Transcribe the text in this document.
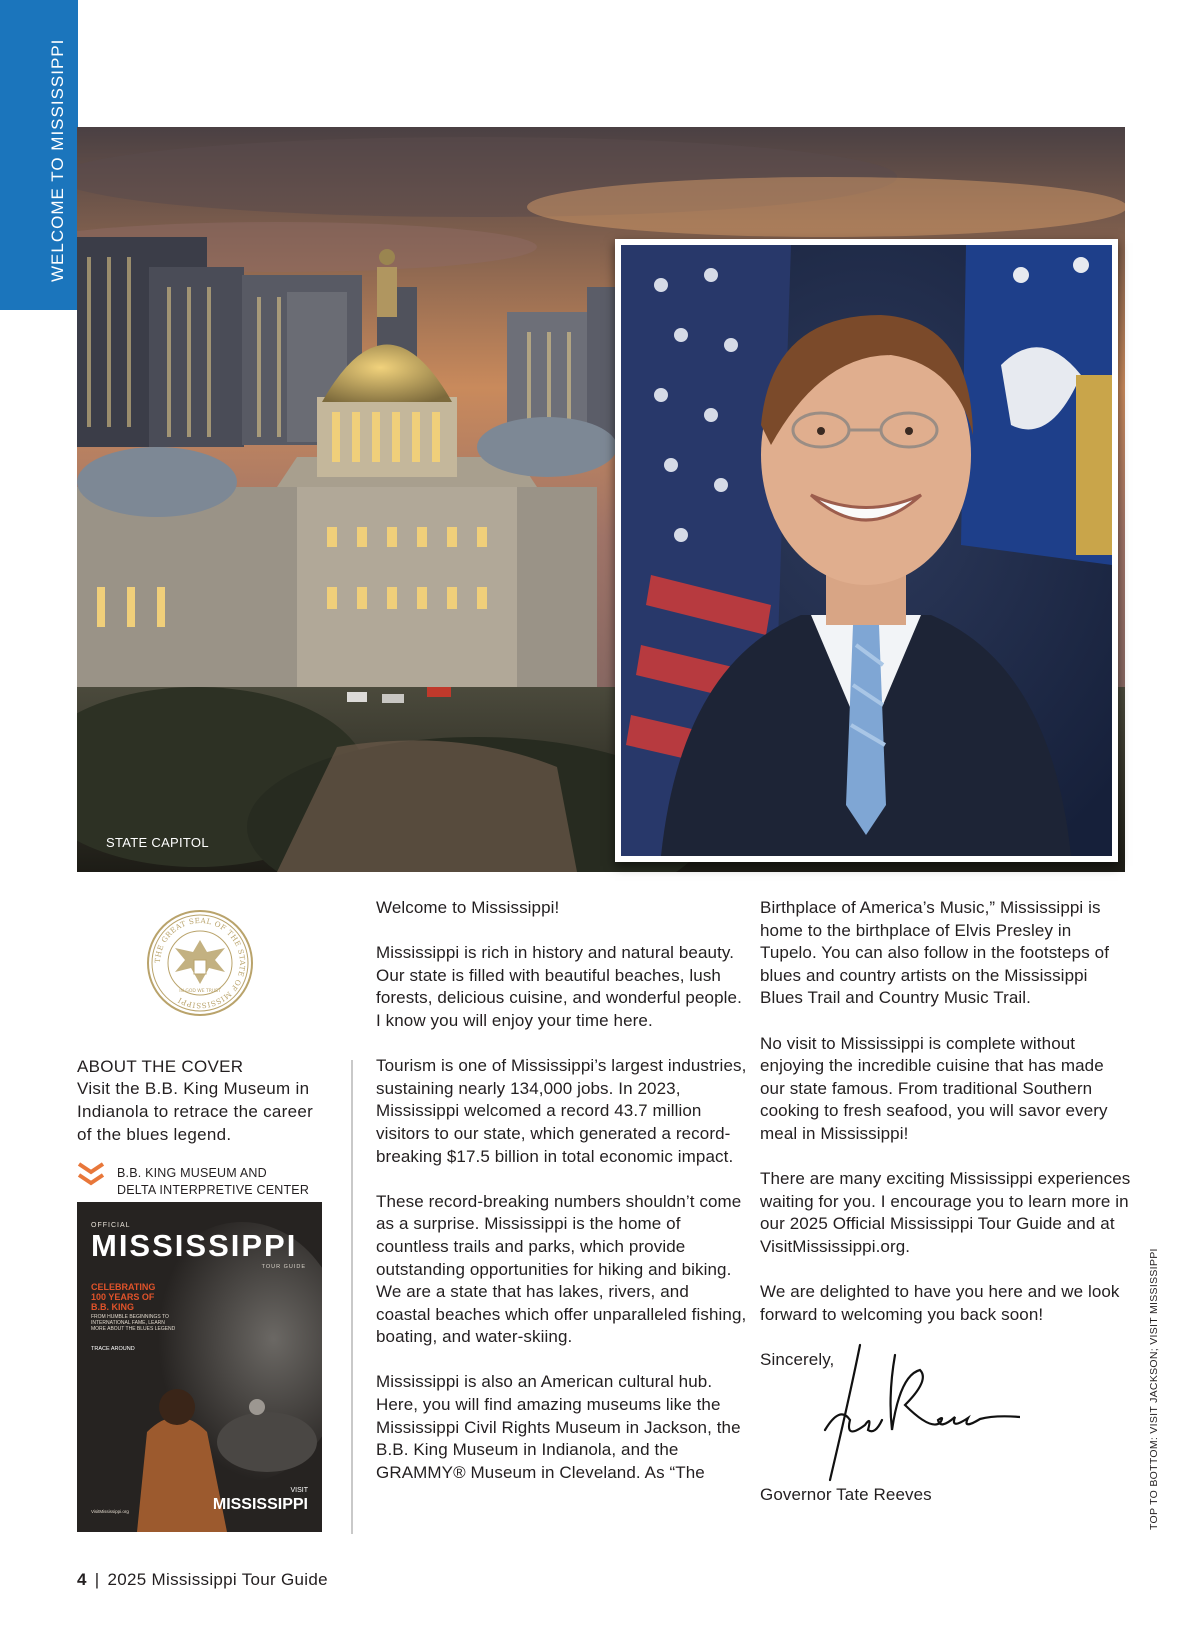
WELCOME TO MISSISSIPPI
STATE CAPITOL
THE GREAT SEAL OF THE STATE OF MISSISSIPPI
IN GOD WE TRUST

ABOUT THE COVER

Visit the B.B. King Museum in Indianola to retrace the career of the blues legend.

B.B. KING MUSEUM AND
DELTA INTERPRETIVE CENTER
OFFICIAL
MISSISSIPPI
TOUR GUIDE
CELEBRATING 100 YEARS OF B.B. KING
FROM HUMBLE BEGINNINGS TO INTERNATIONAL FAME, LEARN MORE ABOUT THE BLUES LEGEND
TRACE AROUND
VisitMississippi.org
VISIT
MISSISSIPPI

Welcome to Mississippi!

Mississippi is rich in history and natural beauty. Our state is filled with beautiful beaches, lush forests, delicious cuisine, and wonderful people. I know you will enjoy your time here.

Tourism is one of Mississippi’s largest industries, sustaining nearly 134,000 jobs. In 2023, Mississippi welcomed a record 43.7 million visitors to our state, which generated a record-breaking $17.5 billion in total economic impact.

These record-breaking numbers shouldn’t come as a surprise. Mississippi is the home of countless trails and parks, which provide outstanding opportunities for hiking and biking. We are a state that has lakes, rivers, and coastal beaches which offer unparalleled fishing, boating, and water-skiing.

Mississippi is also an American cultural hub. Here, you will find amazing museums like the Mississippi Civil Rights Museum in Jackson, the B.B. King Museum in Indianola, and the GRAMMY® Museum in Cleveland. As “The

Birthplace of America’s Music,” Mississippi is home to the birthplace of Elvis Presley in Tupelo. You can also follow in the footsteps of blues and country artists on the Mississippi Blues Trail and Country Music Trail.

No visit to Mississippi is complete without enjoying the incredible cuisine that has made our state famous. From traditional Southern cooking to fresh seafood, you will savor every meal in Mississippi!

There are many exciting Mississippi experiences waiting for you. I encourage you to learn more in our 2025 Official Mississippi Tour Guide and at VisitMississippi.org.

We are delighted to have you here and we look forward to welcoming you back soon!

Sincerely,

Governor Tate Reeves	TOP TO BOTTOM: VISIT JACKSON; VISIT MISSISSIPPI
4 | 2025 Mississippi Tour Guide
